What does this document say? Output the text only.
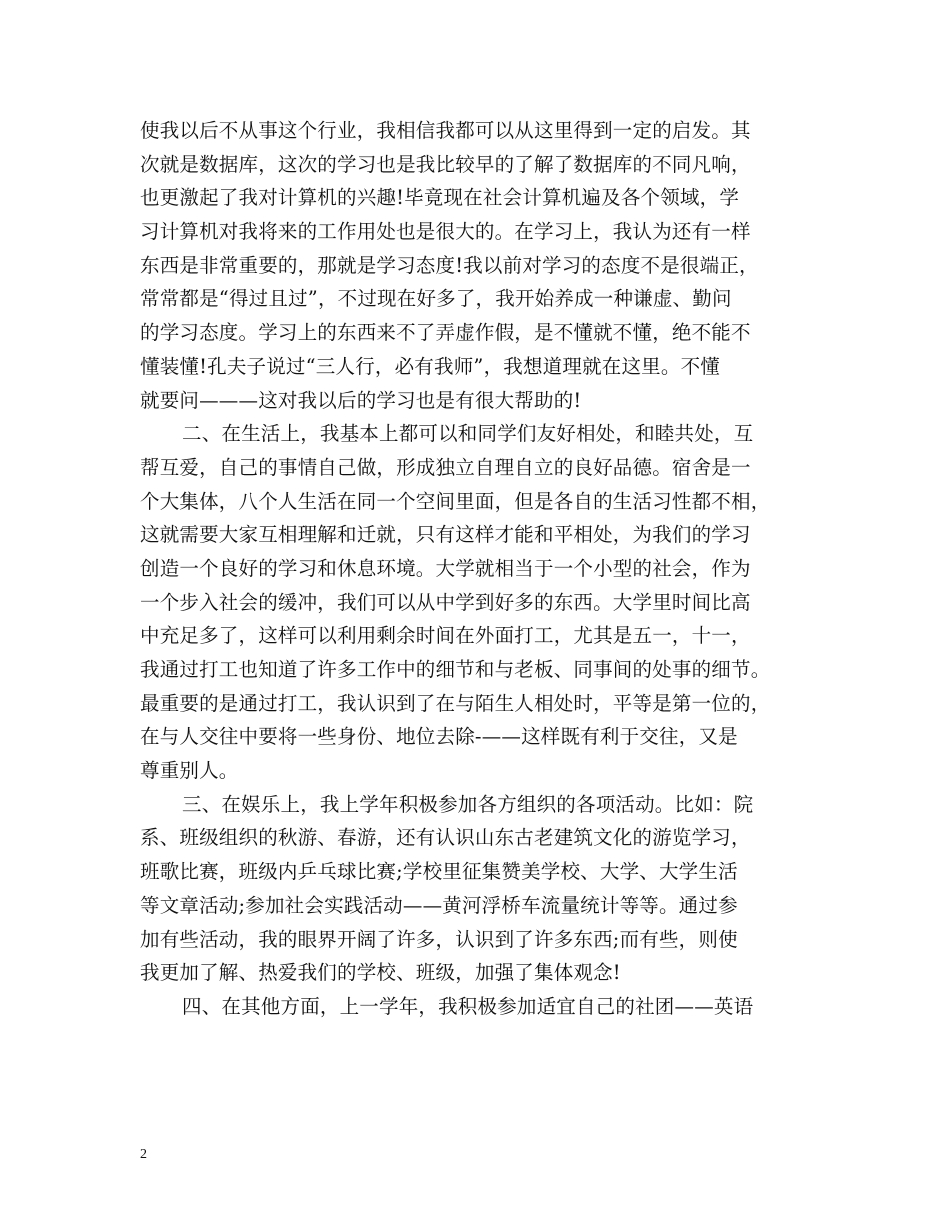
使我以后不从事这个行业，我相信我都可以从这里得到一定的启发。其
次就是数据库，这次的学习也是我比较早的了解了数据库的不同凡响，
也更激起了我对计算机的兴趣!毕竟现在社会计算机遍及各个领域，学
习计算机对我将来的工作用处也是很大的。在学习上，我认为还有一样
东西是非常重要的，那就是学习态度!我以前对学习的态度不是很端正，
常常都是“得过且过”，不过现在好多了，我开始养成一种谦虚、勤问
的学习态度。学习上的东西来不了弄虚作假，是不懂就不懂，绝不能不
懂装懂!孔夫子说过“三人行，必有我师”，我想道理就在这里。不懂
就要问———这对我以后的学习也是有很大帮助的!
二、在生活上，我基本上都可以和同学们友好相处，和睦共处，互
帮互爱，自己的事情自己做，形成独立自理自立的良好品德。宿舍是一
个大集体，八个人生活在同一个空间里面，但是各自的生活习性都不相，
这就需要大家互相理解和迁就，只有这样才能和平相处，为我们的学习
创造一个良好的学习和休息环境。大学就相当于一个小型的社会，作为
一个步入社会的缓冲，我们可以从中学到好多的东西。大学里时间比高
中充足多了，这样可以利用剩余时间在外面打工，尤其是五一，十一，
我通过打工也知道了许多工作中的细节和与老板、同事间的处事的细节。
最重要的是通过打工，我认识到了在与陌生人相处时，平等是第一位的，
在与人交往中要将一些身份、地位去除-——这样既有利于交往，又是
尊重别人。
三、在娱乐上，我上学年积极参加各方组织的各项活动。比如：院
系、班级组织的秋游、春游，还有认识山东古老建筑文化的游览学习，
班歌比赛，班级内乒乓球比赛;学校里征集赞美学校、大学、大学生活
等文章活动;参加社会实践活动——黄河浮桥车流量统计等等。通过参
加有些活动，我的眼界开阔了许多，认识到了许多东西;而有些，则使
我更加了解、热爱我们的学校、班级，加强了集体观念!
四、在其他方面，上一学年，我积极参加适宜自己的社团——英语
2
